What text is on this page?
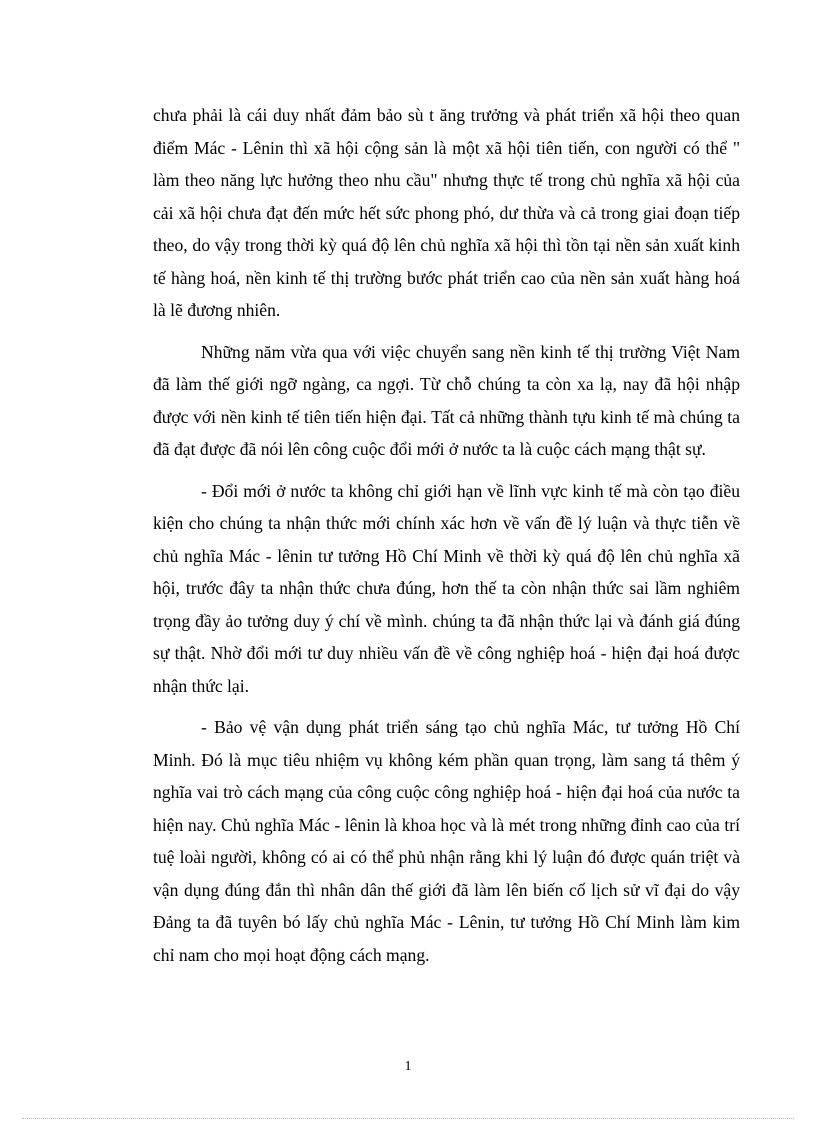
chưa phải là cái duy nhất đảm bảo sù t ăng trưởng và phát triển xã hội theo quan điểm Mác - Lênin thì xã hội cộng sản là một xã hội tiên tiến, con người có thể " làm theo năng lực hưởng theo nhu cầu" nhưng thực tế trong chủ nghĩa xã hội của cải xã hội chưa đạt đến mức hết sức phong phó, dư thừa và cả trong giai đoạn tiếp theo, do vậy trong thời kỳ quá độ lên chủ nghĩa xã hội thì tồn tại nền sản xuất kinh tế hàng hoá, nền kinh tế thị trường bước phát triển cao của nền sản xuất hàng hoá là lẽ đương nhiên.

Những năm vừa qua với việc chuyển sang nền kinh tế thị trường Việt Nam đã làm thế giới ngỡ ngàng, ca ngợi. Từ chỗ chúng ta còn xa lạ, nay đã hội nhập được với nền kinh tế tiên tiến hiện đại. Tất cả những thành tựu kinh tế mà chúng ta đã đạt được đã nói lên công cuộc đổi mới ở nước ta là cuộc cách mạng thật sự.

- Đổi mới ở nước ta không chỉ giới hạn về lĩnh vực kinh tế mà còn tạo điều kiện cho chúng ta nhận thức mới chính xác hơn về vấn đề lý luận và thực tiễn về chủ nghĩa Mác - lênin tư tưởng Hồ Chí Minh về thời kỳ quá độ lên chủ nghĩa xã hội, trước đây ta nhận thức chưa đúng, hơn thế ta còn nhận thức sai lầm nghiêm trọng đầy ảo tưởng duy ý chí về mình. chúng ta đã nhận thức lại và đánh giá đúng sự thật. Nhờ đổi mới tư duy nhiều vấn đề về công nghiệp hoá - hiện đại hoá được nhận thức lại.

- Bảo vệ vận dụng phát triển sáng tạo chủ nghĩa Mác, tư tưởng Hồ Chí Minh. Đó là mục tiêu nhiệm vụ không kém phần quan trọng, làm sang tá thêm ý nghĩa vai trò cách mạng của công cuộc công nghiệp hoá - hiện đại hoá của nước ta hiện nay. Chủ nghĩa Mác - lênin là khoa học và là mét trong những đỉnh cao của trí tuệ loài người, không có ai có thể phủ nhận rằng khi lý luận đó được quán triệt và vận dụng đúng đắn thì nhân dân thế giới đã làm lên biến cố lịch sử vĩ đại do vậy Đảng ta đã tuyên bó lấy chủ nghĩa Mác - Lênin, tư tưởng Hồ Chí Minh làm kim chỉ nam cho mọi hoạt động cách mạng.

1
